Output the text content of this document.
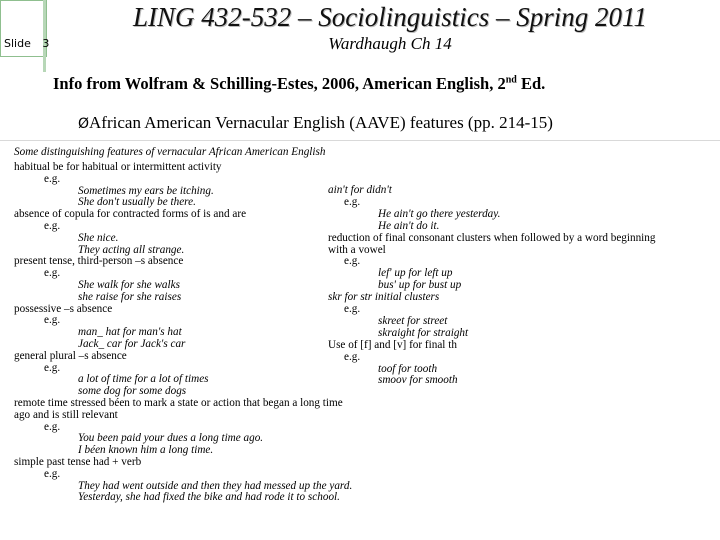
Slide 3
LING 432-532 – Sociolinguistics – Spring 2011
Wardhaugh Ch 14
Info from Wolfram & Schilling-Estes, 2006, American English, 2nd Ed.
ØAfrican American Vernacular English (AAVE) features (pp. 214-15)
Some distinguishing features of vernacular African American English
habitual be for habitual or intermittent activity
e.g.
Sometimes my ears be itching.
She don't usually be there.
absence of copula for contracted forms of is and are
e.g.
She nice.
They acting all strange.
present tense, third-person –s absence
e.g.
She walk for she walks
she raise for she raises
possessive –s absence
e.g.
man_ hat for man's hat
Jack_ car for Jack's car
general plural –s absence
e.g.
a lot of time for a lot of times
some dog for some dogs
remote time stressed béen to mark a state or action that began a long time
ago and is still relevant
e.g.
You been paid your dues a long time ago.
I béen known him a long time.
simple past tense had + verb
e.g.
They had went outside and then they had messed up the yard.
Yesterday, she had fixed the bike and had rode it to school.
ain't for didn't
e.g.
He ain't go there yesterday.
He ain't do it.
reduction of final consonant clusters when followed by a word beginning
with a vowel
e.g.
lef' up for left up
bus' up for bust up
skr for str initial clusters
e.g.
skreet for street
skraight for straight
Use of [f] and [v] for final th
e.g.
toof for tooth
smoov for smooth
